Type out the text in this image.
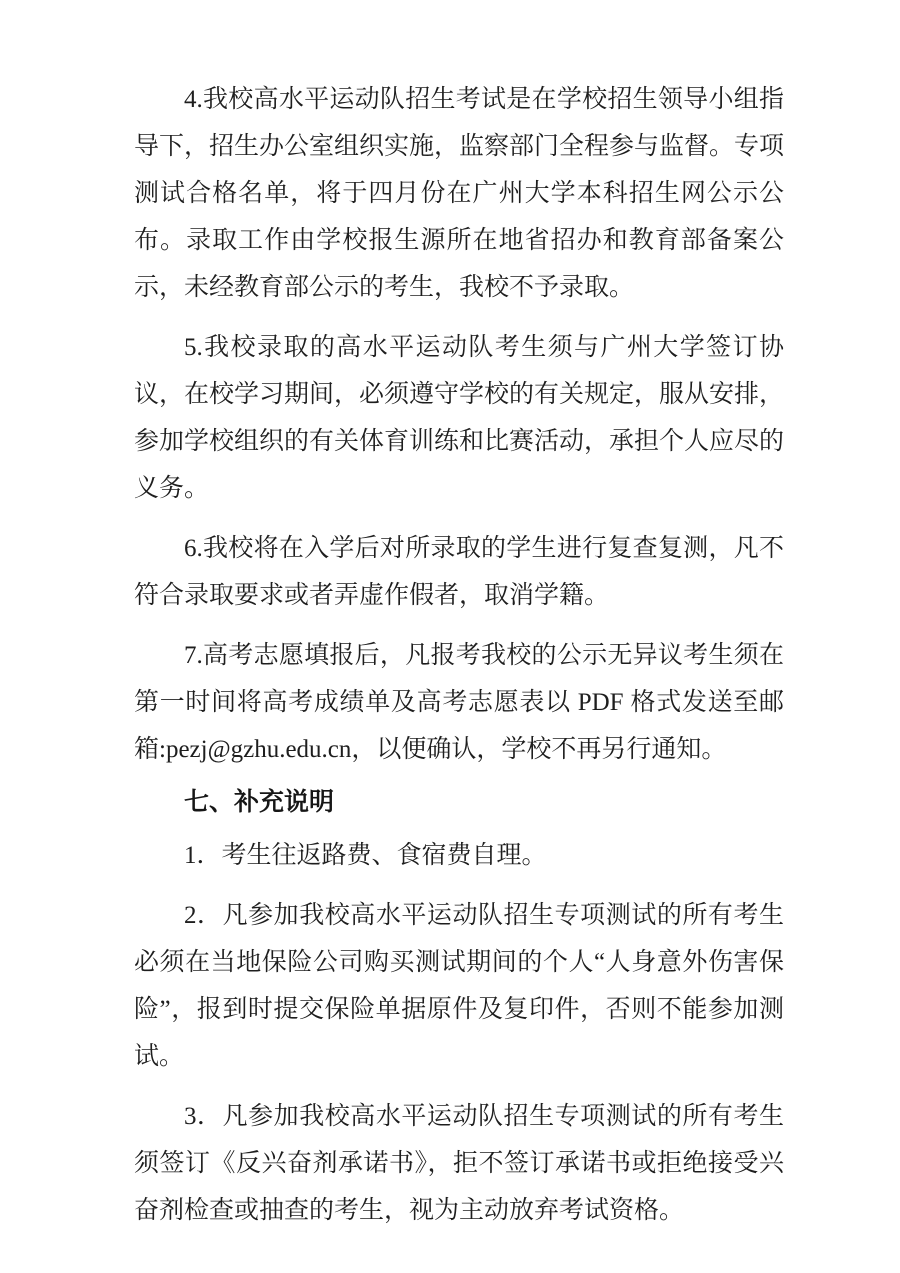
4.我校高水平运动队招生考试是在学校招生领导小组指导下，招生办公室组织实施，监察部门全程参与监督。专项测试合格名单，将于四月份在广州大学本科招生网公示公布。录取工作由学校报生源所在地省招办和教育部备案公示，未经教育部公示的考生，我校不予录取。

5.我校录取的高水平运动队考生须与广州大学签订协议，在校学习期间，必须遵守学校的有关规定，服从安排，参加学校组织的有关体育训练和比赛活动，承担个人应尽的义务。

6.我校将在入学后对所录取的学生进行复查复测，凡不符合录取要求或者弄虚作假者，取消学籍。

7.高考志愿填报后，凡报考我校的公示无异议考生须在第一时间将高考成绩单及高考志愿表以 PDF 格式发送至邮箱:pezj@gzhu.edu.cn，以便确认，学校不再另行通知。

七、补充说明

1．考生往返路费、食宿费自理。

2．凡参加我校高水平运动队招生专项测试的所有考生必须在当地保险公司购买测试期间的个人“人身意外伤害保险”，报到时提交保险单据原件及复印件，否则不能参加测试。

3．凡参加我校高水平运动队招生专项测试的所有考生须签订《反兴奋剂承诺书》，拒不签订承诺书或拒绝接受兴奋剂检查或抽查的考生，视为主动放弃考试资格。
